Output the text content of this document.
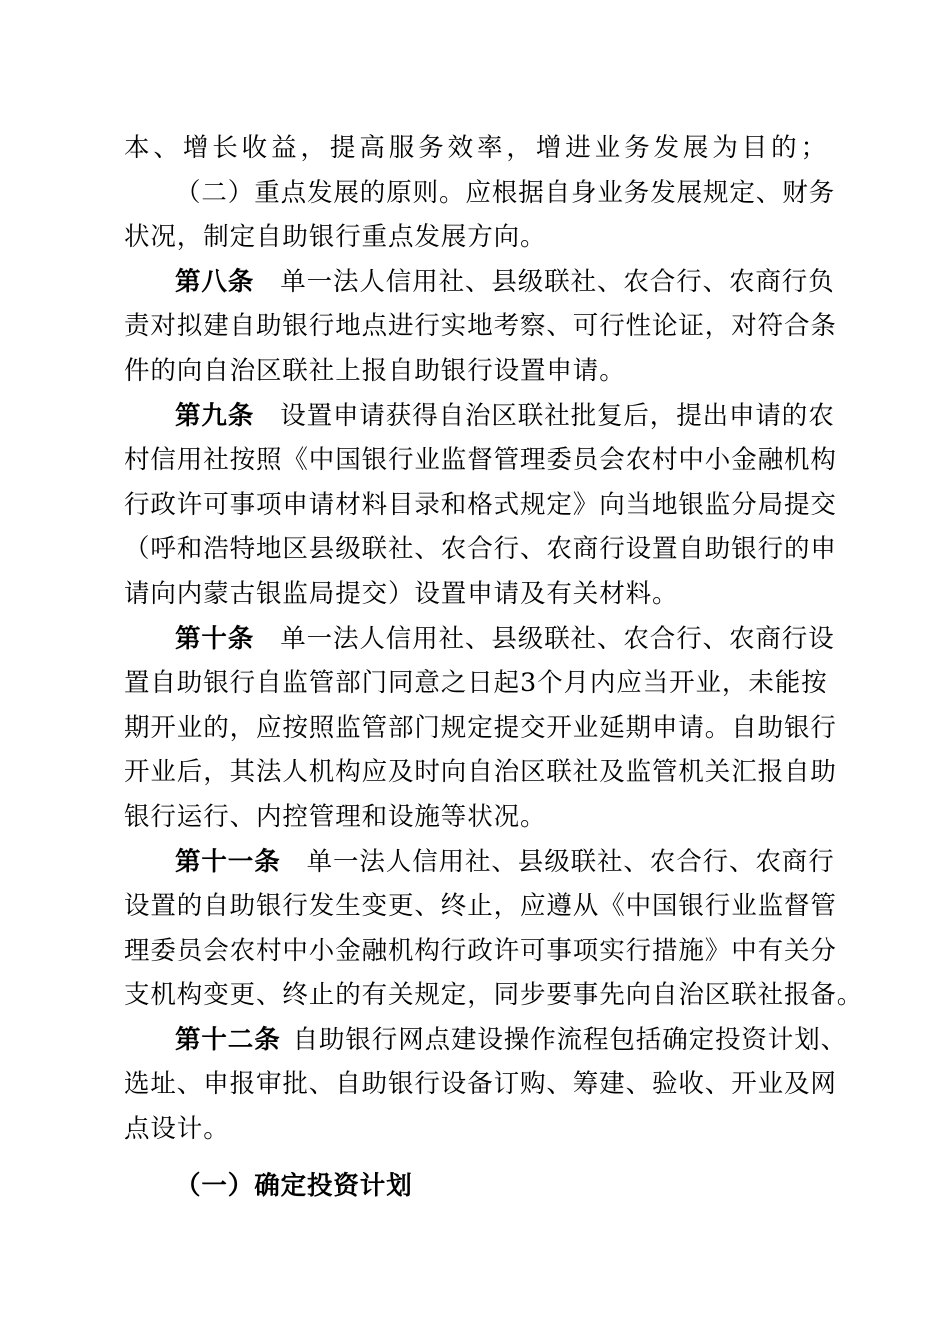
本、增长收益，提高服务效率，增进业务发展为目的；
（二）重点发展的原则。应根据自身业务发展规定、财务
状况，制定自助银行重点发展方向。
第八条 单一法人信用社、县级联社、农合行、农商行负
责对拟建自助银行地点进行实地考察、可行性论证，对符合条
件的向自治区联社上报自助银行设置申请。
第九条 设置申请获得自治区联社批复后，提出申请的农
村信用社按照《中国银行业监督管理委员会农村中小金融机构
行政许可事项申请材料目录和格式规定》向当地银监分局提交
（呼和浩特地区县级联社、农合行、农商行设置自助银行的申
请向内蒙古银监局提交）设置申请及有关材料。
第十条 单一法人信用社、县级联社、农合行、农商行设
置自助银行自监管部门同意之日起3个月内应当开业，未能按
期开业的，应按照监管部门规定提交开业延期申请。自助银行
开业后，其法人机构应及时向自治区联社及监管机关汇报自助
银行运行、内控管理和设施等状况。
第十一条 单一法人信用社、县级联社、农合行、农商行
设置的自助银行发生变更、终止，应遵从《中国银行业监督管
理委员会农村中小金融机构行政许可事项实行措施》中有关分
支机构变更、终止的有关规定，同步要事先向自治区联社报备。
第十二条 自助银行网点建设操作流程包括确定投资计划、
选址、申报审批、自助银行设备订购、筹建、验收、开业及网
点设计。
（一）确定投资计划
